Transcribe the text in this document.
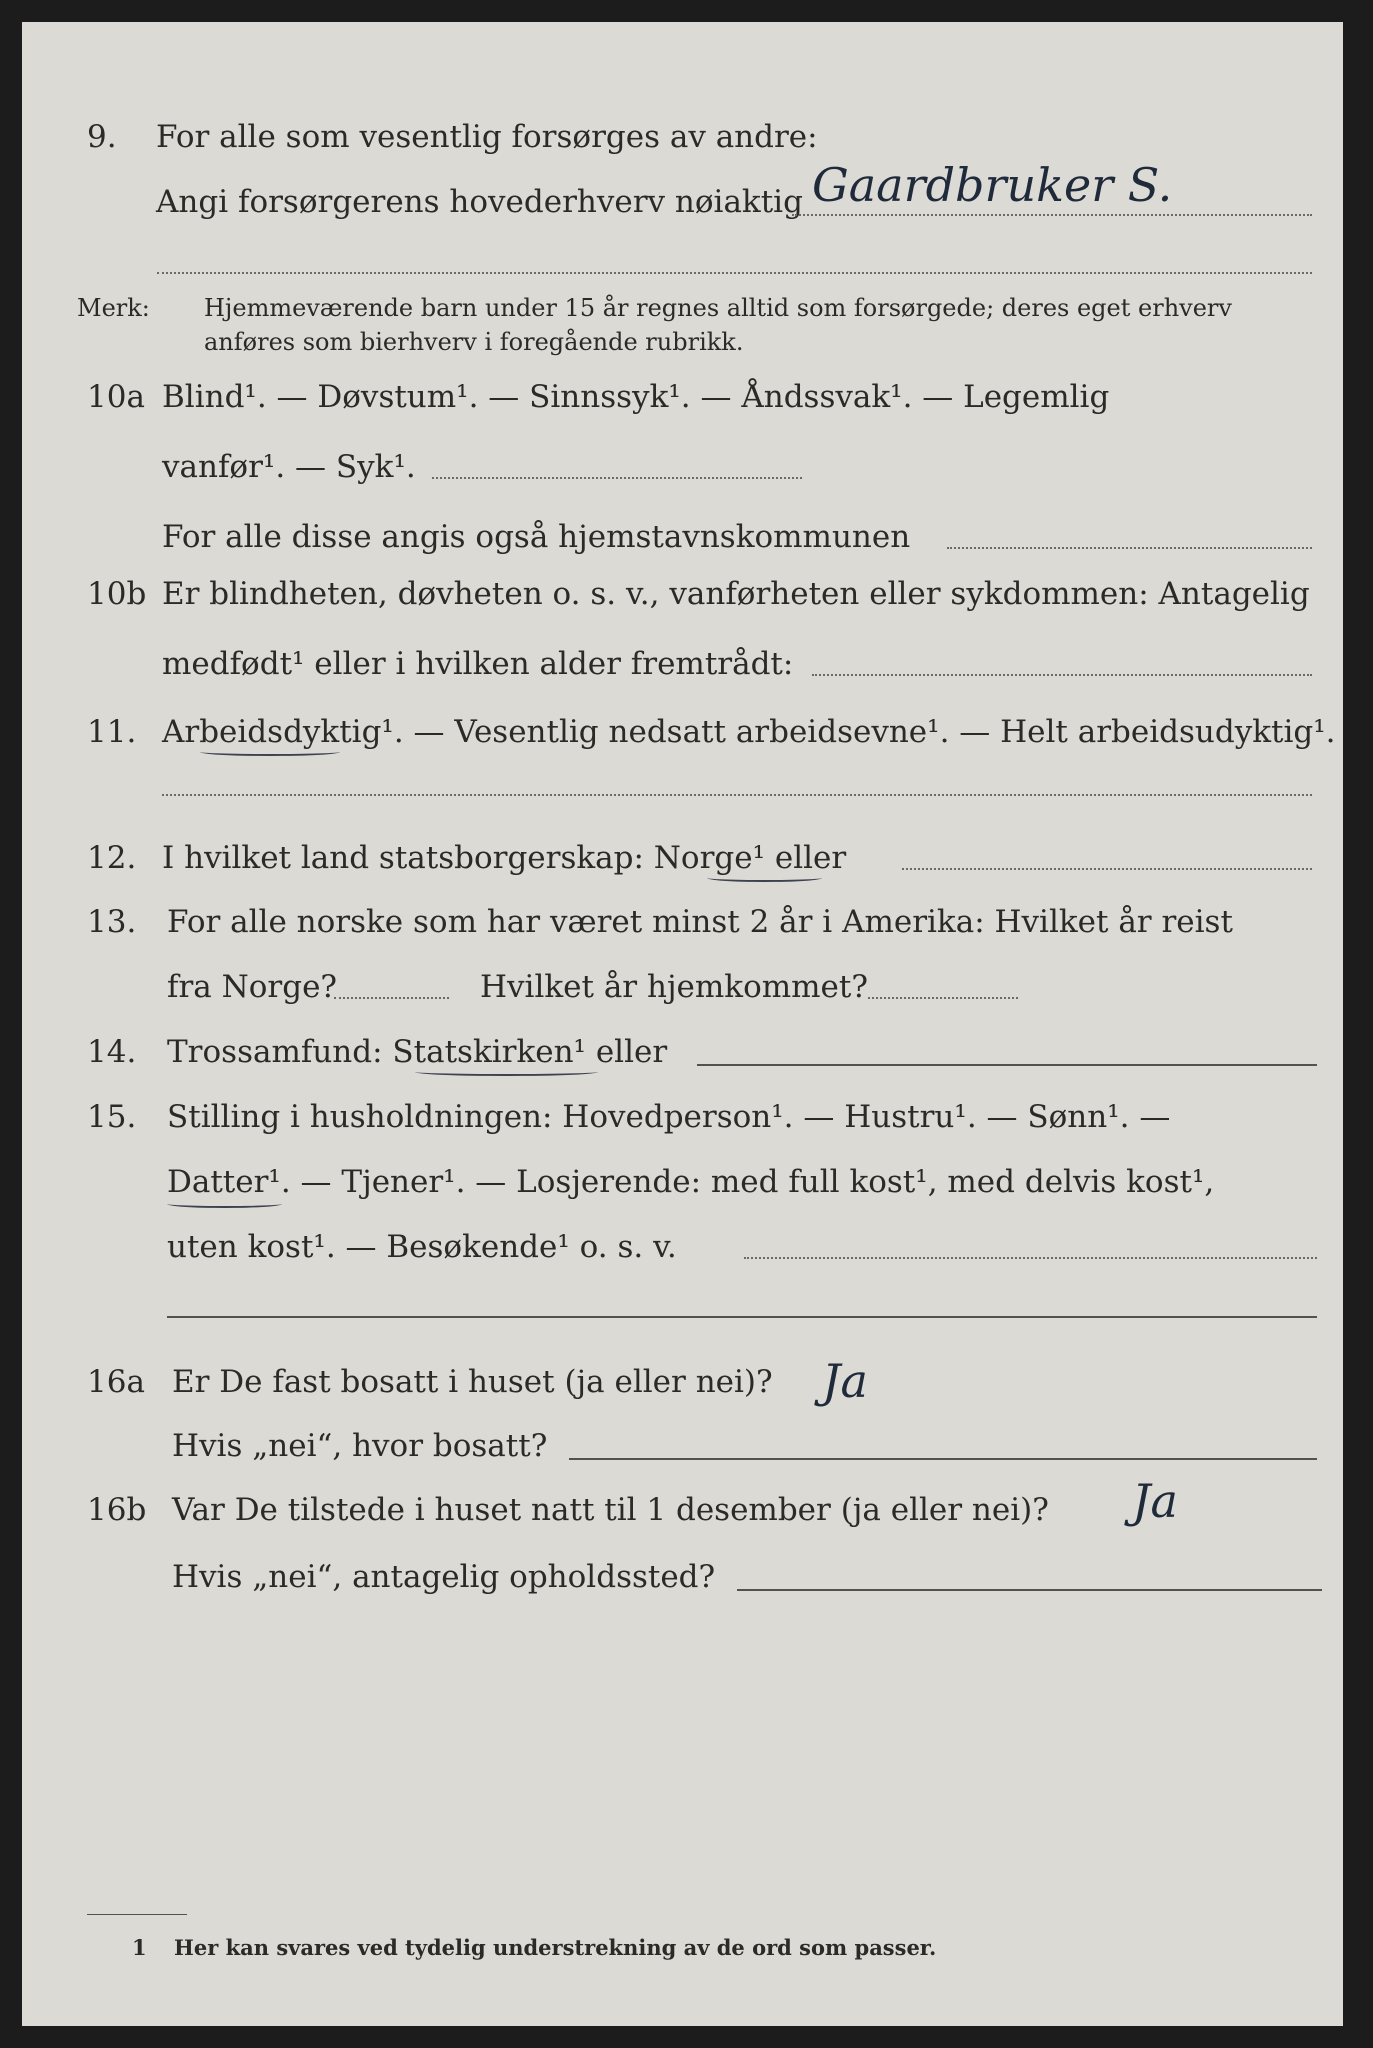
9. For alle som vesentlig forsørges av andre:
Angi forsørgerens hovederhverv nøiaktig Gaardbruker S.
Merk: Hjemmeværende barn under 15 år regnes alltid som forsørgede; deres eget erhverv
anføres som bierhverv i foregående rubrikk.
10a Blind¹. — Døvstum¹. — Sinnssyk¹. — Åndssvak¹. — Legemlig
vanfør¹. — Syk¹.
For alle disse angis også hjemstavnskommunen
10b Er blindheten, døvheten o. s. v., vanførheten eller sykdommen: Antagelig
medfødt¹ eller i hvilken alder fremtrådt:
11. Arbeidsdyktig¹. — Vesentlig nedsatt arbeidsevne¹. — Helt arbeidsudyktig¹.
12. I hvilket land statsborgerskap: Norge¹ eller
13. For alle norske som har været minst 2 år i Amerika: Hvilket år reist
fra Norge?	Hvilket år hjemkommet?
14. Trossamfund: Statskirken¹ eller
15. Stilling i husholdningen: Hovedperson¹. — Hustru¹. — Sønn¹. —
Datter¹. — Tjener¹. — Losjerende: med full kost¹, med delvis kost¹,
uten kost¹. — Besøkende¹ o. s. v.
16a Er De fast bosatt i huset (ja eller nei)? Ja
Hvis „nei“, hvor bosatt?
16b Var De tilstede i huset natt til 1 desember (ja eller nei)? Ja
Hvis „nei“, antagelig opholdssted?
1 Her kan svares ved tydelig understrekning av de ord som passer.
